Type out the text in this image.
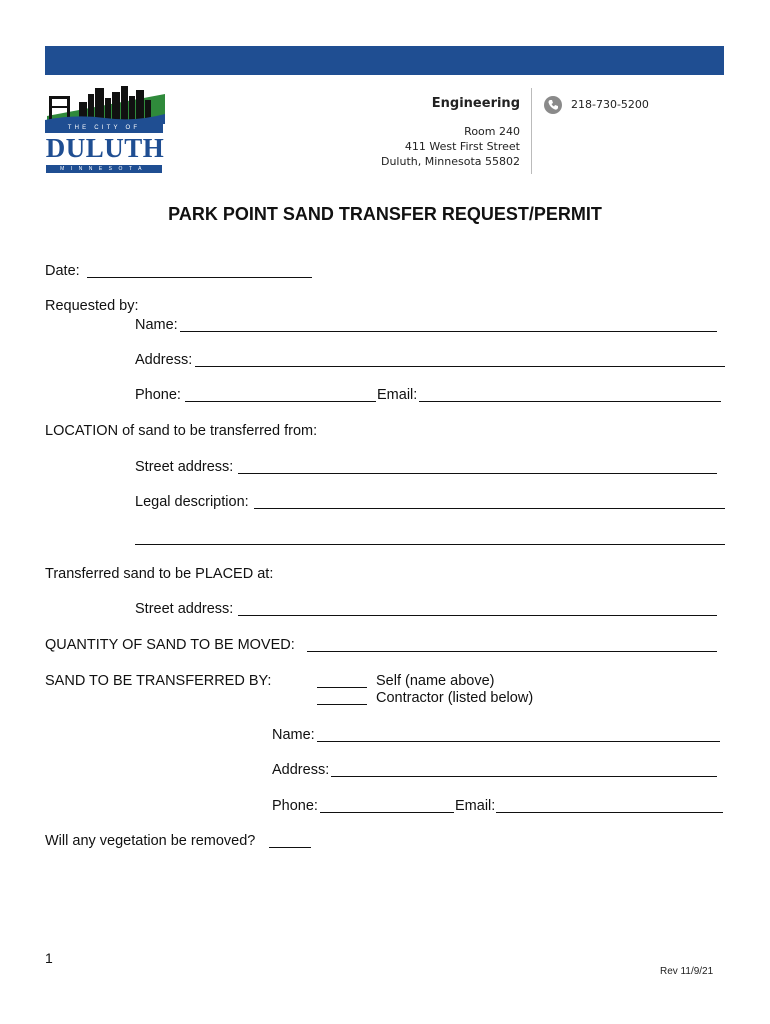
THE CITY OF
DULUTH
MINNESOTA
Engineering
Room 240
411 West First Street
Duluth, Minnesota 55802
218-730-5200
PARK POINT SAND TRANSFER REQUEST/PERMIT
Date:
Requested by:
Name:
Address:
Phone:	Email:
LOCATION of sand to be transferred from:
Street address:
Legal description:
Transferred sand to be PLACED at:
Street address:
QUANTITY OF SAND TO BE MOVED:
SAND TO BE TRANSFERRED BY:	Self (name above)
Contractor (listed below)
Name:
Address:
Phone:	Email:
Will any vegetation be removed?
1
Rev 11/9/21
